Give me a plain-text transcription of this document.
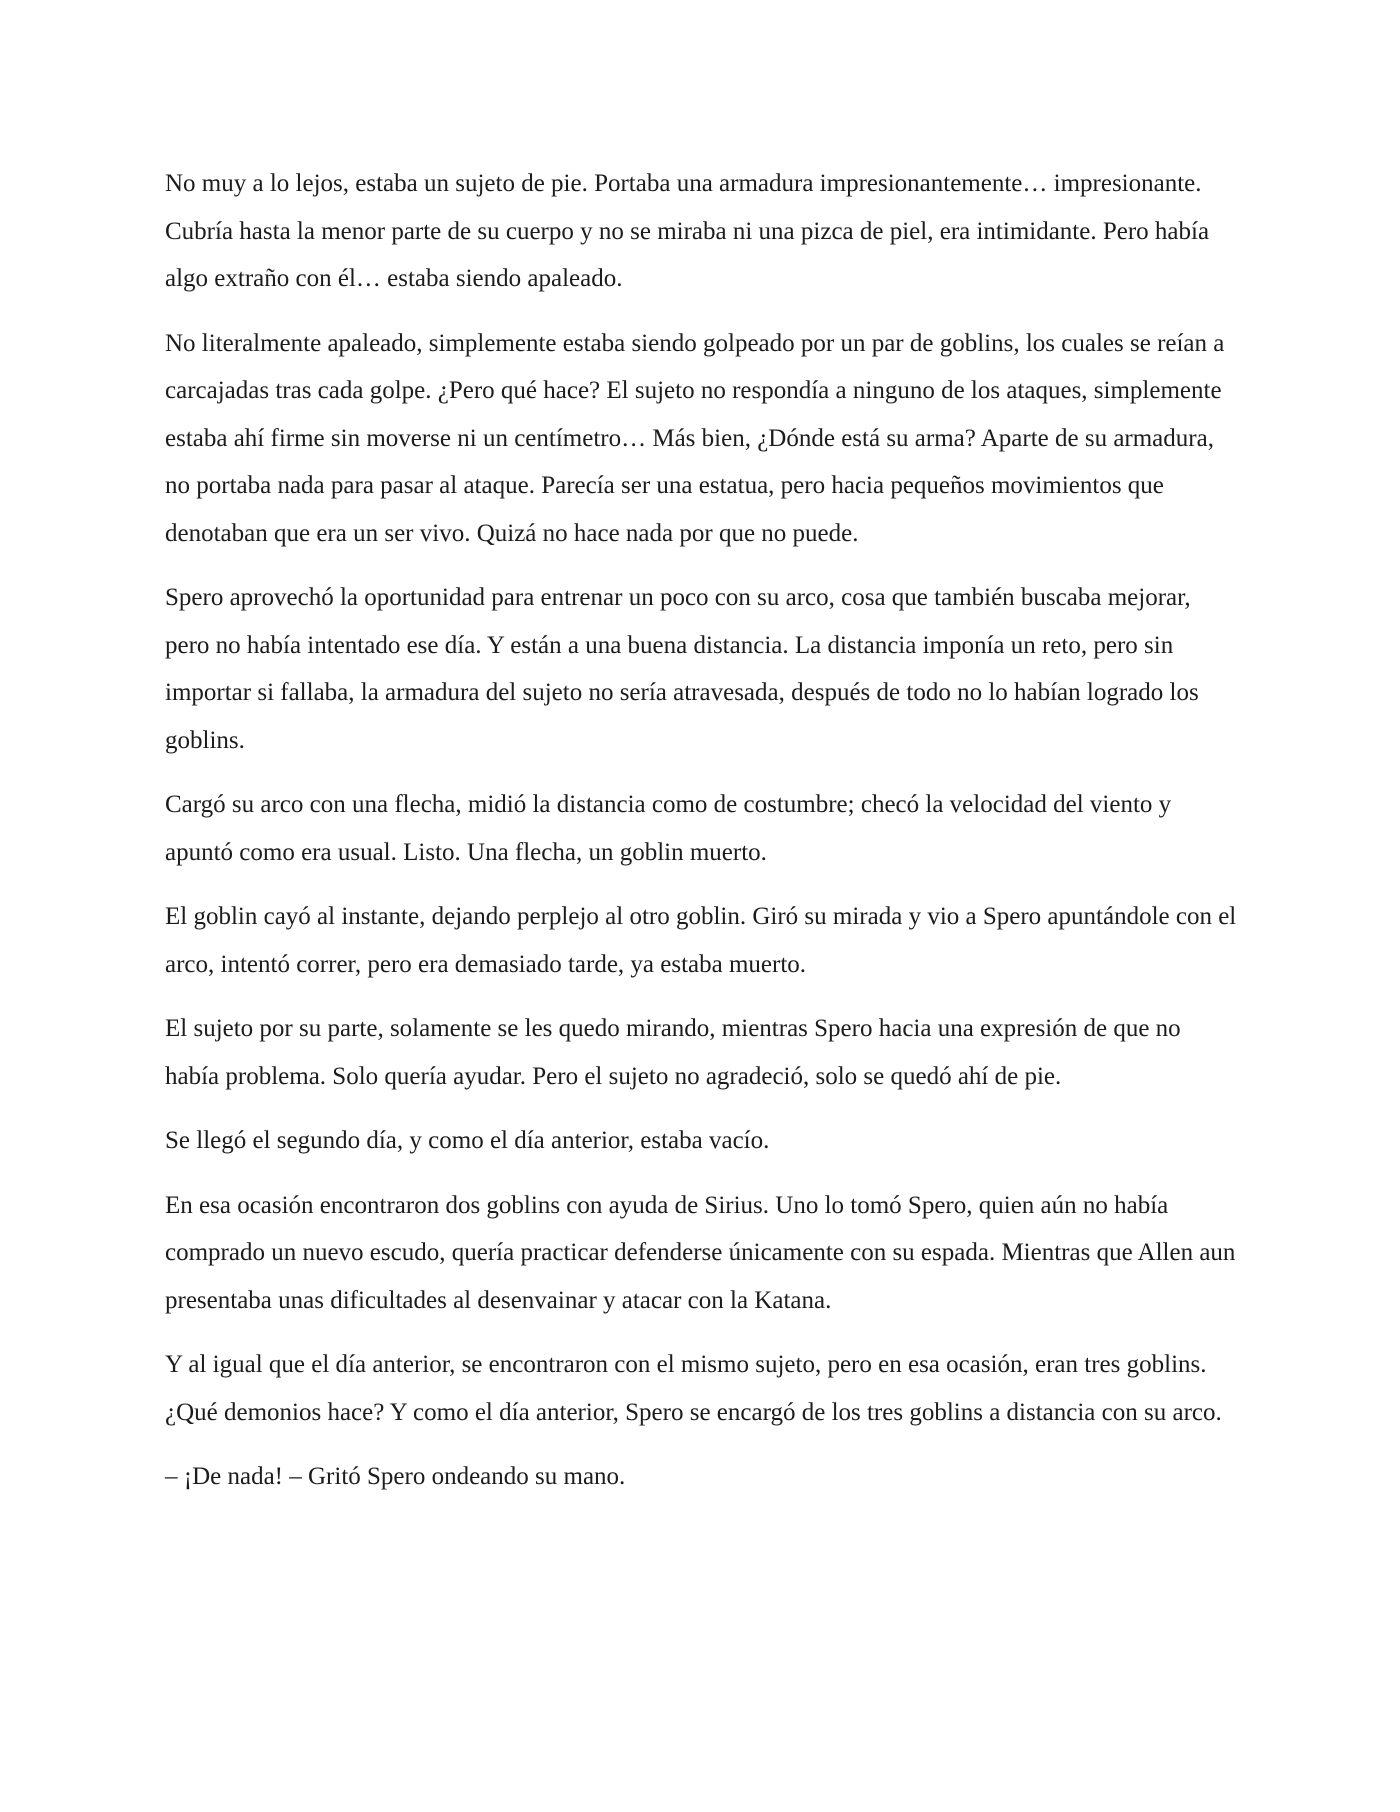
No muy a lo lejos, estaba un sujeto de pie. Portaba una armadura impresionantemente… impresionante. Cubría hasta la menor parte de su cuerpo y no se miraba ni una pizca de piel, era intimidante. Pero había algo extraño con él… estaba siendo apaleado.

No literalmente apaleado, simplemente estaba siendo golpeado por un par de goblins, los cuales se reían a carcajadas tras cada golpe. ¿Pero qué hace? El sujeto no respondía a ninguno de los ataques, simplemente estaba ahí firme sin moverse ni un centímetro… Más bien, ¿Dónde está su arma? Aparte de su armadura, no portaba nada para pasar al ataque. Parecía ser una estatua, pero hacia pequeños movimientos que denotaban que era un ser vivo. Quizá no hace nada por que no puede.

Spero aprovechó la oportunidad para entrenar un poco con su arco, cosa que también buscaba mejorar, pero no había intentado ese día. Y están a una buena distancia. La distancia imponía un reto, pero sin importar si fallaba, la armadura del sujeto no sería atravesada, después de todo no lo habían logrado los goblins.

Cargó su arco con una flecha, midió la distancia como de costumbre; checó la velocidad del viento y apuntó como era usual. Listo. Una flecha, un goblin muerto.

El goblin cayó al instante, dejando perplejo al otro goblin. Giró su mirada y vio a Spero apuntándole con el arco, intentó correr, pero era demasiado tarde, ya estaba muerto.

El sujeto por su parte, solamente se les quedo mirando, mientras Spero hacia una expresión de que no había problema. Solo quería ayudar. Pero el sujeto no agradeció, solo se quedó ahí de pie.

Se llegó el segundo día, y como el día anterior, estaba vacío.

En esa ocasión encontraron dos goblins con ayuda de Sirius. Uno lo tomó Spero, quien aún no había comprado un nuevo escudo, quería practicar defenderse únicamente con su espada. Mientras que Allen aun presentaba unas dificultades al desenvainar y atacar con la Katana.

Y al igual que el día anterior, se encontraron con el mismo sujeto, pero en esa ocasión, eran tres goblins. ¿Qué demonios hace? Y como el día anterior, Spero se encargó de los tres goblins a distancia con su arco.

– ¡De nada! – Gritó Spero ondeando su mano.
